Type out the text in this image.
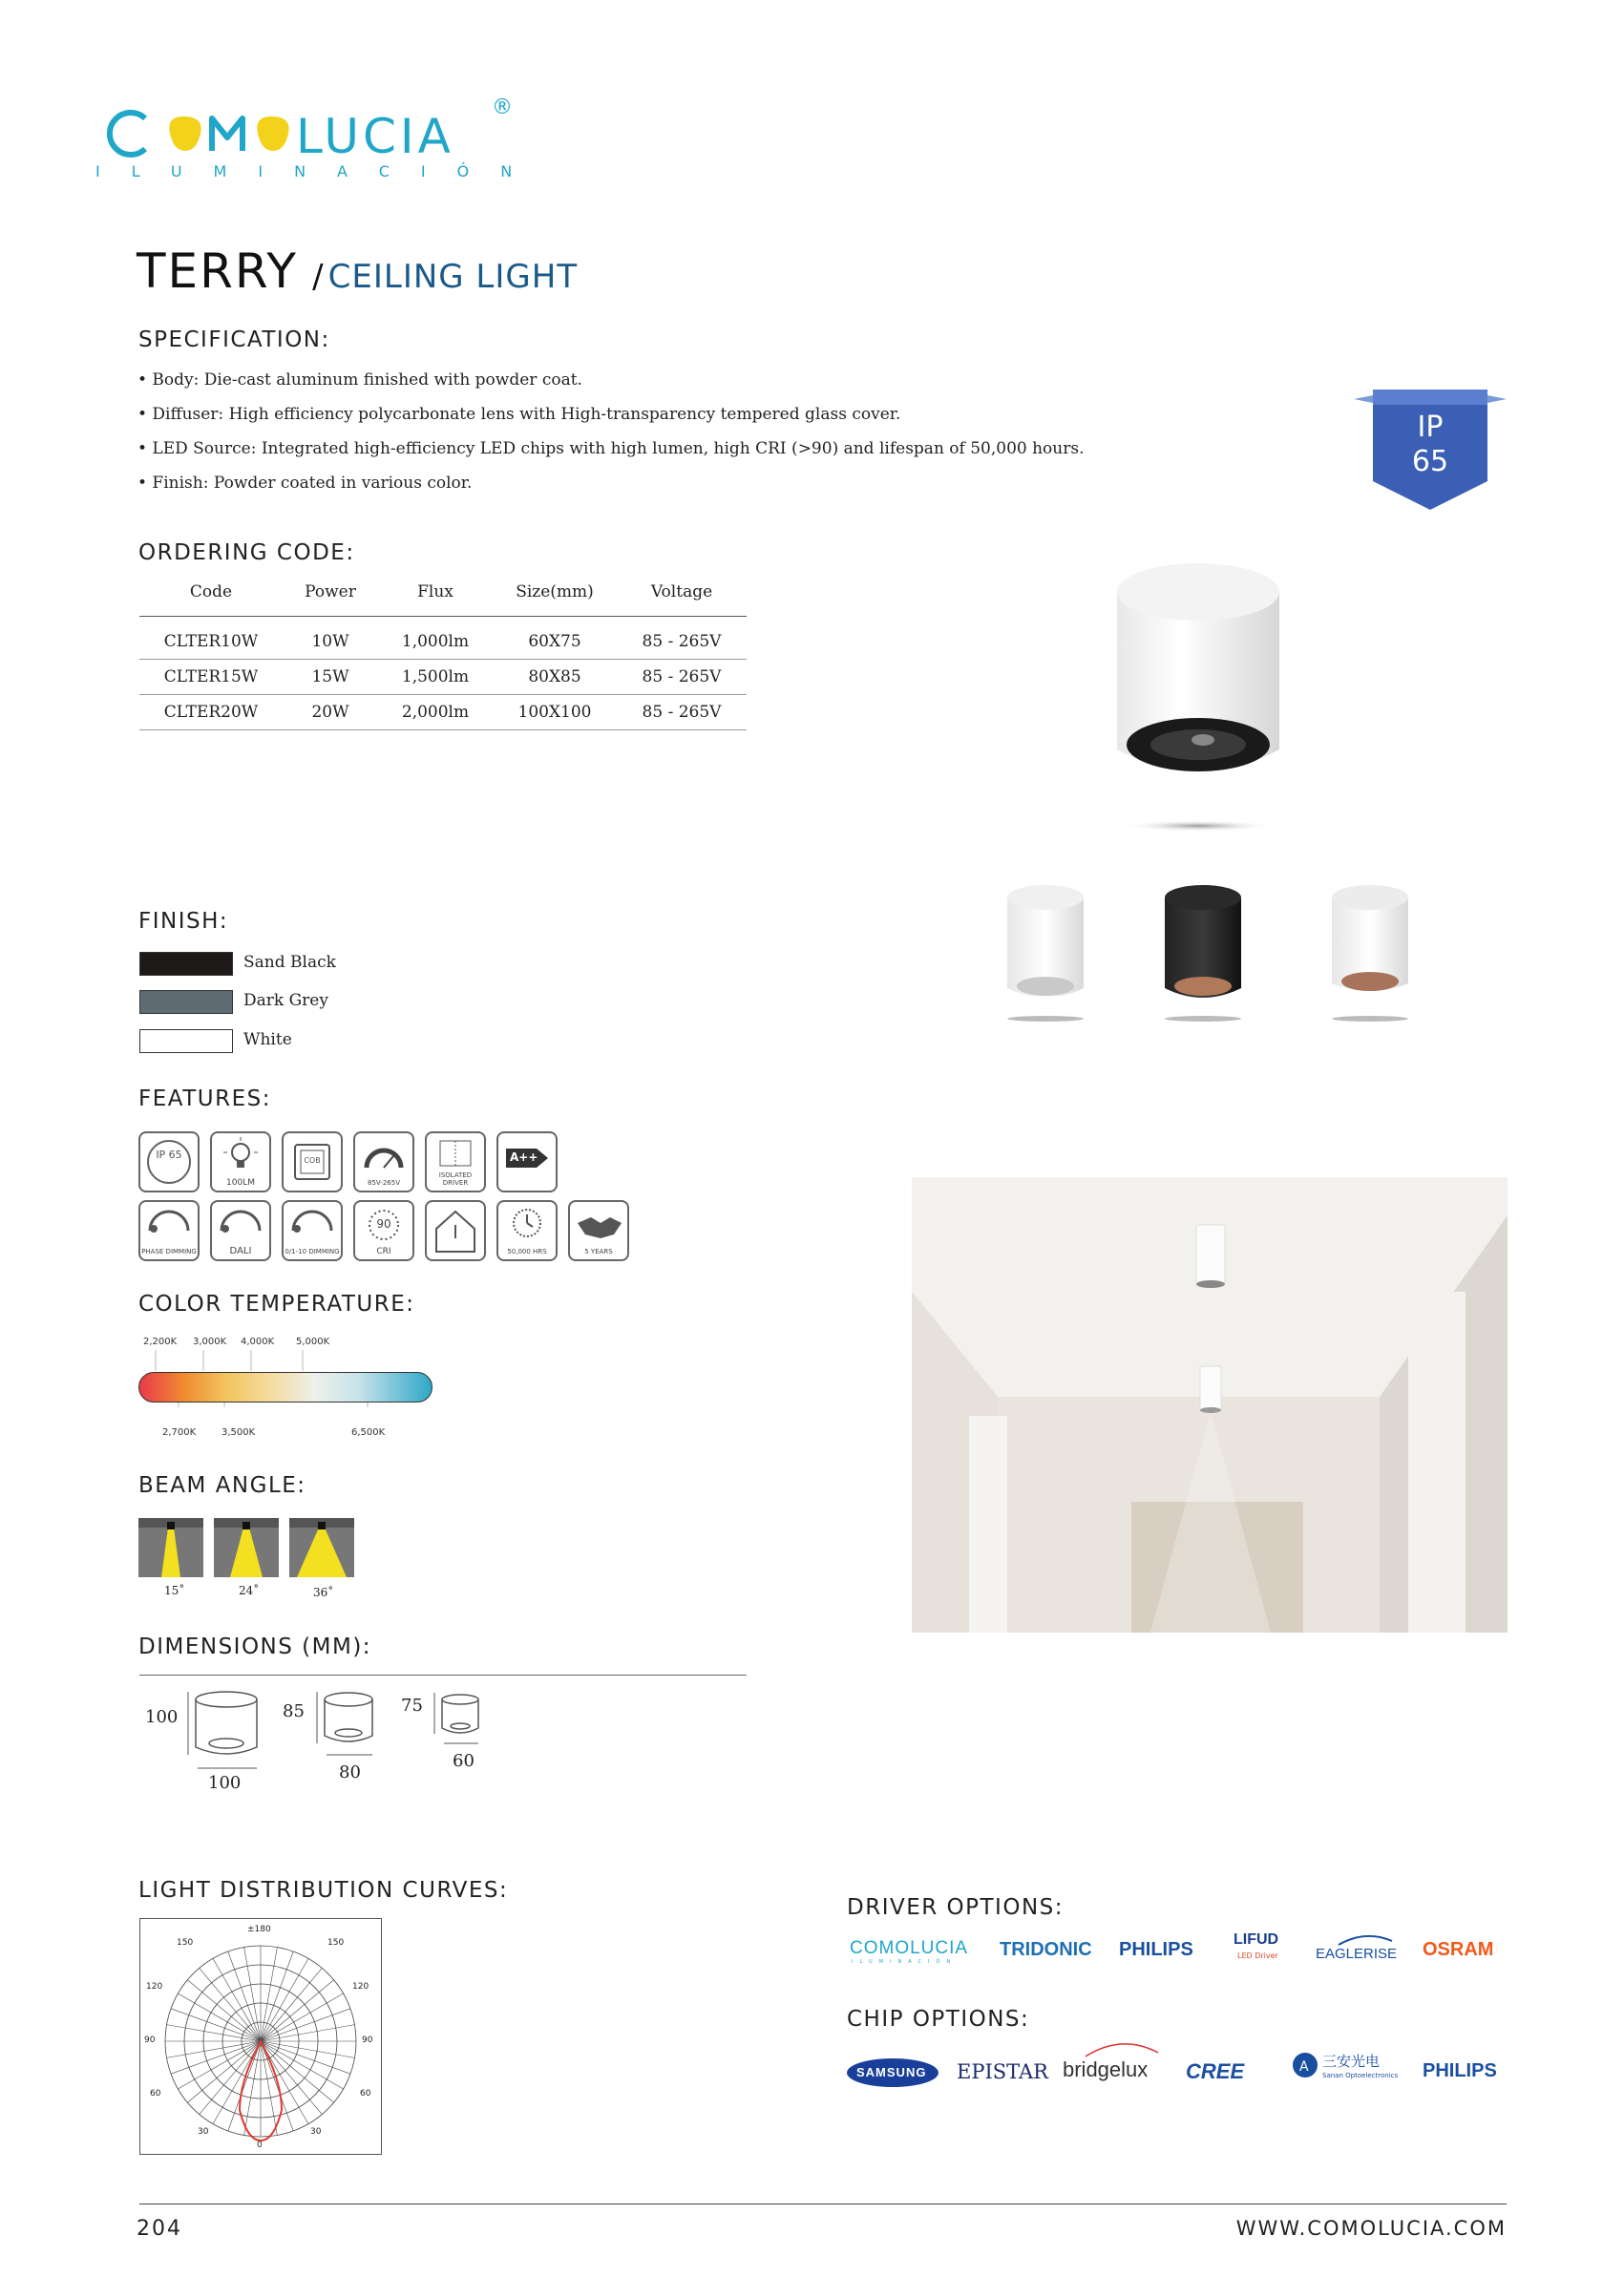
LUCIA
®
ILUMINACIÓN
TERRY / CEILING LIGHT
SPECIFICATION:
• Body: Die-cast aluminum finished with powder coat.
• Diffuser: High efficiency polycarbonate lens with High-transparency tempered glass cover.
• LED Source: Integrated high-efficiency LED chips with high lumen, high CRI (>90) and lifespan of 50,000 hours.
• Finish: Powder coated in various color.
IP
65
ORDERING CODE:
Code	Power	Flux	Size(mm)	Voltage

CLTER10W	10W	1,000lm	60X75	85 - 265V
CLTER15W	15W	1,500lm	80X85	85 - 265V
CLTER20W	20W	2,000lm	100X100	85 - 265V
FINISH:
Sand Black
Dark Grey
White
FEATURES:
IP 65
100LM
COB
85V-265V
ISOLATED DRIVER
A++
PHASE DIMMING	DALI	0/1-10 DIMMING
90
CRI	50,000 HRS	5 YEARS
COLOR TEMPERATURE:
2,200K 3,000K 4,000K 5,000K
2,700K	3,500K	6,500K
BEAM ANGLE:
15˚	24˚	36˚
DIMENSIONS (MM):
100
100
85
80
75
60
LIGHT DISTRIBUTION CURVES:
±180
150	150
120	120
90	90
60	60
30	30
0
DRIVER OPTIONS:
COMOLUCIA
ILUMINACIÓN
TRIDONIC PHILIPS	LIFUD
LED Driver	EAGLERISE OSRAM
CHIP OPTIONS:
SAMSUNG EPISTAR bridgelux CREE	A 三安光电
Sanan Optoelectronics PHILIPS
204	WWW.COMOLUCIA.COM
